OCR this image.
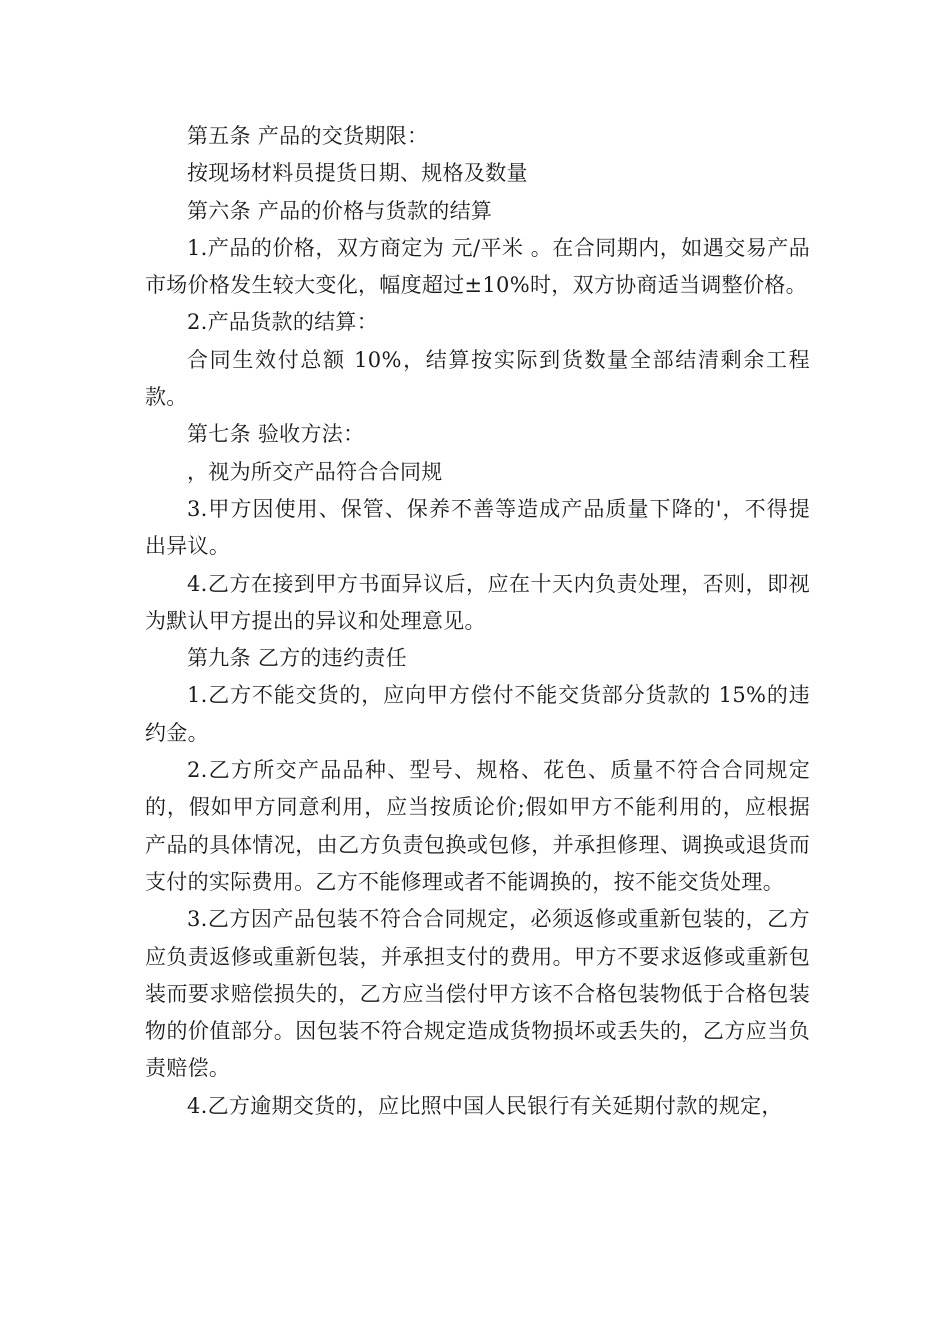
第五条 产品的交货期限：

按现场材料员提货日期、规格及数量

第六条 产品的价格与货款的结算

1.产品的价格，双方商定为 元/平米 。在合同期内，如遇交易产品市场价格发生较大变化，幅度超过±10%时，双方协商适当调整价格。

2.产品货款的结算：

合同生效付总额 10%，结算按实际到货数量全部结清剩余工程款。

第七条 验收方法：

，视为所交产品符合合同规

3.甲方因使用、保管、保养不善等造成产品质量下降的'，不得提出异议。

4.乙方在接到甲方书面异议后，应在十天内负责处理，否则，即视为默认甲方提出的异议和处理意见。

第九条 乙方的违约责任

1.乙方不能交货的，应向甲方偿付不能交货部分货款的 15%的违约金。

2.乙方所交产品品种、型号、规格、花色、质量不符合合同规定的，假如甲方同意利用，应当按质论价;假如甲方不能利用的，应根据产品的具体情况，由乙方负责包换或包修，并承担修理、调换或退货而支付的实际费用。乙方不能修理或者不能调换的，按不能交货处理。

3.乙方因产品包装不符合合同规定，必须返修或重新包装的，乙方应负责返修或重新包装，并承担支付的费用。甲方不要求返修或重新包装而要求赔偿损失的，乙方应当偿付甲方该不合格包装物低于合格包装物的价值部分。因包装不符合规定造成货物损坏或丢失的，乙方应当负责赔偿。

4.乙方逾期交货的，应比照中国人民银行有关延期付款的规定，
